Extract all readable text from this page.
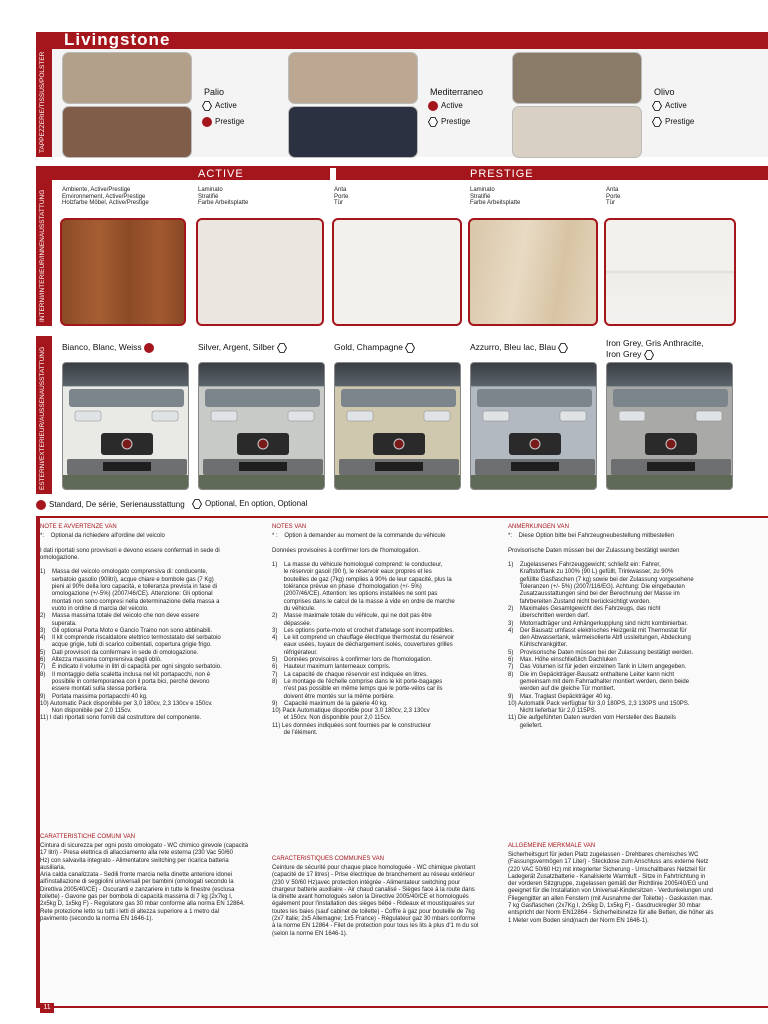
Livingstone
TAPPEZZERIE/TISSUS/POLSTER	Palio
Active
Prestige
Mediterraneo
Active
Prestige
Olivo
Active
Prestige
INTERNI/INTERIEUR/INNENAUSSTATTUNG
ACTIVE	PRESTIGE
Ambiente, Active/Prestige
Environnement, Active/Prestige
Holzfarbe Möbel, Active/Prestige
Laminato
Stratifié
Farbe Arbeitsplatte
Anta
Porte
Tür
Laminato
Stratifié
Farbe Arbeitsplatte
Anta
Porte
Tür
ESTERNI/EXTERIEUR/AUSSENAUSSTATTUNG Bianco, Blanc, Weiss	Silver, Argent, Silber	Gold, Champagne	Azzurro, Bleu lac, Blau	Iron Grey, Gris Anthracite,
Iron Grey
Standard, De série, Serienausstattung	Optional, En option, Optional
11
NOTE E AVVERTENZE VAN
*:    Optional da richiedere all'ordine del veicolo

I dati riportati sono provvisori e devono essere confermati in sede di
omologazione.

1)    Massa del veicolo omologato comprensiva di: conducente,
serbatoio gasolio (90litri), acque chiare e bombole gas (7 Kg)
pieni al 90% della loro capacità, e tolleranza prevista in fase di
omologazione (+/-5%) (2007/46/CE). Attenzione: Gli optional
montati non sono compresi nella determinazione della massa a
vuoto in ordine di marcia del veicolo.
2)    Massa massima totale del veicolo che non deve essere
superata.
3)    Gli optional Porta Moto e Gancio Traino non sono abbinabili.
4)    Il kit comprende riscaldatore elettrico termostatato del serbatoio
acque grigie, tubi di scarico coibentati, copertura grigie frigo.
5)    Dati provvisori da confermare in sede di omologazione.
6)    Altezza massima comprensiva degli oblò.
7)    È indicato il volume in litri di capacità per ogni singolo serbatoio.
8)    Il montaggio della scaletta inclusa nel kit portapacchi, non è
possibile in contemporanea con il porta bici, perché devono
essere montati sulla stessa portiera.
9)    Portata massima portapacchi 40 kg.
10) Automatic Pack disponibile per 3,0 180cv, 2,3 130cv e 150cv.
Non disponibile per 2,0 115cv.
11) I dati riportati sono forniti dal costruttore del componente.
CARATTERISTICHE COMUNI VAN
Cintura di sicurezza per ogni posto omologato - WC chimico girevole (capacità
17 litri) - Presa elettrica di allacciamento alla rete esterna (230 Vac 50/60
Hz) con salvavita integrato - Alimentatore switching per ricarica batteria
ausiliaria.
Aria calda canalizzata - Sedili fronte marcia nella dinette anteriore idonei
all'installazione di seggiolini universali per bambini (omologati secondo la
Direttiva 2005/40/CE) - Oscuranti e zanzariere in tutte le finestre (esclusa
toilette) - Gavone gas per bombola di capacità massima di 7 kg (2x7kg I,
2x5kg D, 1x5kg F) - Regolatore gas 30 mbar conforme alla norma EN 12864.
Rete protezione letto su tutti i letti di altezza superiore a 1 metro dal
pavimento (secondo la norma EN 1646-1).
NOTES VAN
* :    Option à demander au moment de la commande du véhicule

Données provisoires à confirmer lors de l'homologation.

1)    La masse du véhicule homologué comprend: le conducteur,
le réservoir gasoil (90 l), le réservoir eaux propres et les
bouteilles de gaz (7kg) remplies à 90% de leur capacité, plus la
tolérance prévue en phase  d'homologation (+/- 5%)
(2007/46/CE). Attention: les options installées ne sont pas
comprises dans le calcul de la masse à vide en ordre de marche
du véhicule.
2)    Masse maximale totale du véhicule, qui ne doit pas être
dépassée.
3)    Les options porte-moto et crochet d'attelage sont incompatibles.
4)    Le kit comprend un chauffage électrique thermostat du réservoir
eaux usées, tuyaux de déchargement isolés, couvertures grilles
réfrigérateur.
5)    Données provisoires à confirmer lors de l'homologation.
6)    Hauteur maximum lanterneaux compris.
7)    La capacité de chaque réservoir est indiquée en litres.
8)    Le montage de l'échelle comprise dans le kit porte-bagages
n'est pas possible en même temps que le porte-vélos car ils
doivent être montés sur la même portière.
9)    Capacité maximum de la galerie 40 kg.
10) Pack Automatique disponible pour 3,0 180cv, 2,3 130cv
et 150cv. Non disponible pour 2,0 115cv.
11) Les données indiquées sont fournies par le constructeur
de l'élément.
CARACTERISTIQUES COMMUNES VAN
Ceinture de sécurité pour chaque place homologuée - WC chimique pivotant
(capacité de 17 litres) - Prise électrique de branchement au réseau extérieur
(230 V 50/60 Hz)avec protection intégrée - Alimentateur switching pour
chargeur batterie auxiliaire - Air chaud canalisé - Sièges face à la route dans
la dinette avant homologués selon la Directive 2005/40/CE et homologués
également pour l'installation des sièges bébé - Rideaux et moustiquaires sur
toutes les baies (sauf cabinet de toilette) - Coffre à gaz pour bouteille de 7kg
(2x7 Italie; 2x5 Allemagne; 1x5 France) - Régulateur gaz 30 mbars conforme
à la norme EN 12864 - Filet de protection pour tous les lits à plus d'1 m du sol
(selon la norme EN 1646-1).
ANMERKUNGEN VAN
*:    Diese Option bitte bei Fahrzeugneubestellung mitbestellen

Provisorische Daten müssen bei der Zulassung bestätigt werden

1)    Zugelassenes Fahrzeuggewicht; schließt ein: Fahrer,
Kraftstofftank zu 100% (90 L) gefüllt, Trinkwasser, zu 90%
gefüllte Gasflaschen (7 kg) sowie bei der Zulassung vorgesehene
Toleranzen (+/- 5%) (2007/116/EG). Achtung: Die eingebauten
Zusatzausstattungen sind bei der Berechnung der Masse im
fahrbereiten Zustand nicht berücksichtigt worden.
2)    Maximales Gesamtgewicht des Fahrzeugs, das nicht
überschritten werden darf.
3)    Motorradträger und Anhängerkupplung sind nicht kombinierbar.
4)    Der Bausatz umfasst elektrisches Heizgerät mit Thermostat für
den Abwassertank, wärmeisolierte Abfl ussleitungen, Abdeckung
Kühlschrankgitter.
5)    Provisorische Daten müssen bei der Zulassung bestätigt werden.
6)    Max. Höhe einschließlich Dachluken
7)    Das Volumen ist für jeden einzelnen Tank in Litern angegeben.
8)    Die im Gepäckträger-Bausatz enthaltene Leiter kann nicht
gemeinsam mit dem Fahrradhalter montiert werden, denn beide
werden auf die gleiche Tür montiert.
9)    Max. Traglast Gepäckträger 40 kg.
10) Automatik Pack verfügbar für 3,0 180PS, 2,3 130PS und 150PS.
Nicht lieferbar für 2,0 115PS.
11) Die aufgeführten Daten wurden vom Hersteller des Bauteils
geliefert.
ALLGEMEINE MERKMALE VAN
Sicherheitsgurt für jeden Platz zugelassen - Drehbares chemisches WC
(Fassungsvermögen 17 Liter) - Steckdose zum Anschluss ans externe Netz
(220 VAC 50/60 Hz) mit integrierter Sicherung - Umschaltbares Netzteil für
Ladegerät Zusatzbatterie - Kanalisierte Warmluft - Sitze in Fahrtrichtung in
der vorderen Sitzgruppe, zugelassen gemäß der Richtlinie 2005/40/EG und
geeignet für die Installation von Universal-Kindersitzen - Verdunkelungen und
Fliegengitter an allen Fenstern (mit Ausnahme der Toilette) - Gaskasten max.
7 kg Gasflaschen (2x7Kg I, 2x5kg D, 1x5kg F) - Gasdruckregler 30 mbar
entspricht der Norm EN12864 - Sicherheitsnetze für alle Betten, die höher als
1 Meter vom Boden sind(nach der Norm EN 1646-1).
